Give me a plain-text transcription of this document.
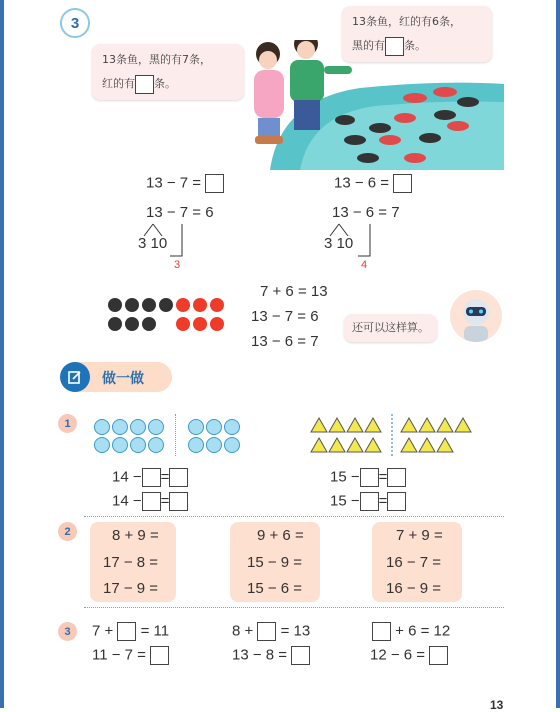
3
13条鱼，黑的有7条，
红的有 条。
13条鱼，红的有6条，
黑的有 条。
13 − 7 =	13 − 6 =
13 − 7 = 6
3 10
3
13 − 6 = 7
3 10
4
7 + 6 = 13
13 − 7 = 6
13 − 6 = 7
还可以这样算。
做一做
1
14 − =
14 − =
15 − =
15 − =
2	8 + 9 =
17 − 8 =
17 − 9 =
9 + 6 =
15 − 9 =
15 − 6 =
7 + 9 =
16 − 7 =
16 − 9 =
3	7 + = 11	8 + = 13	+ 6 = 12
11 − 7 =	13 − 8 =	12 − 6 =
13
